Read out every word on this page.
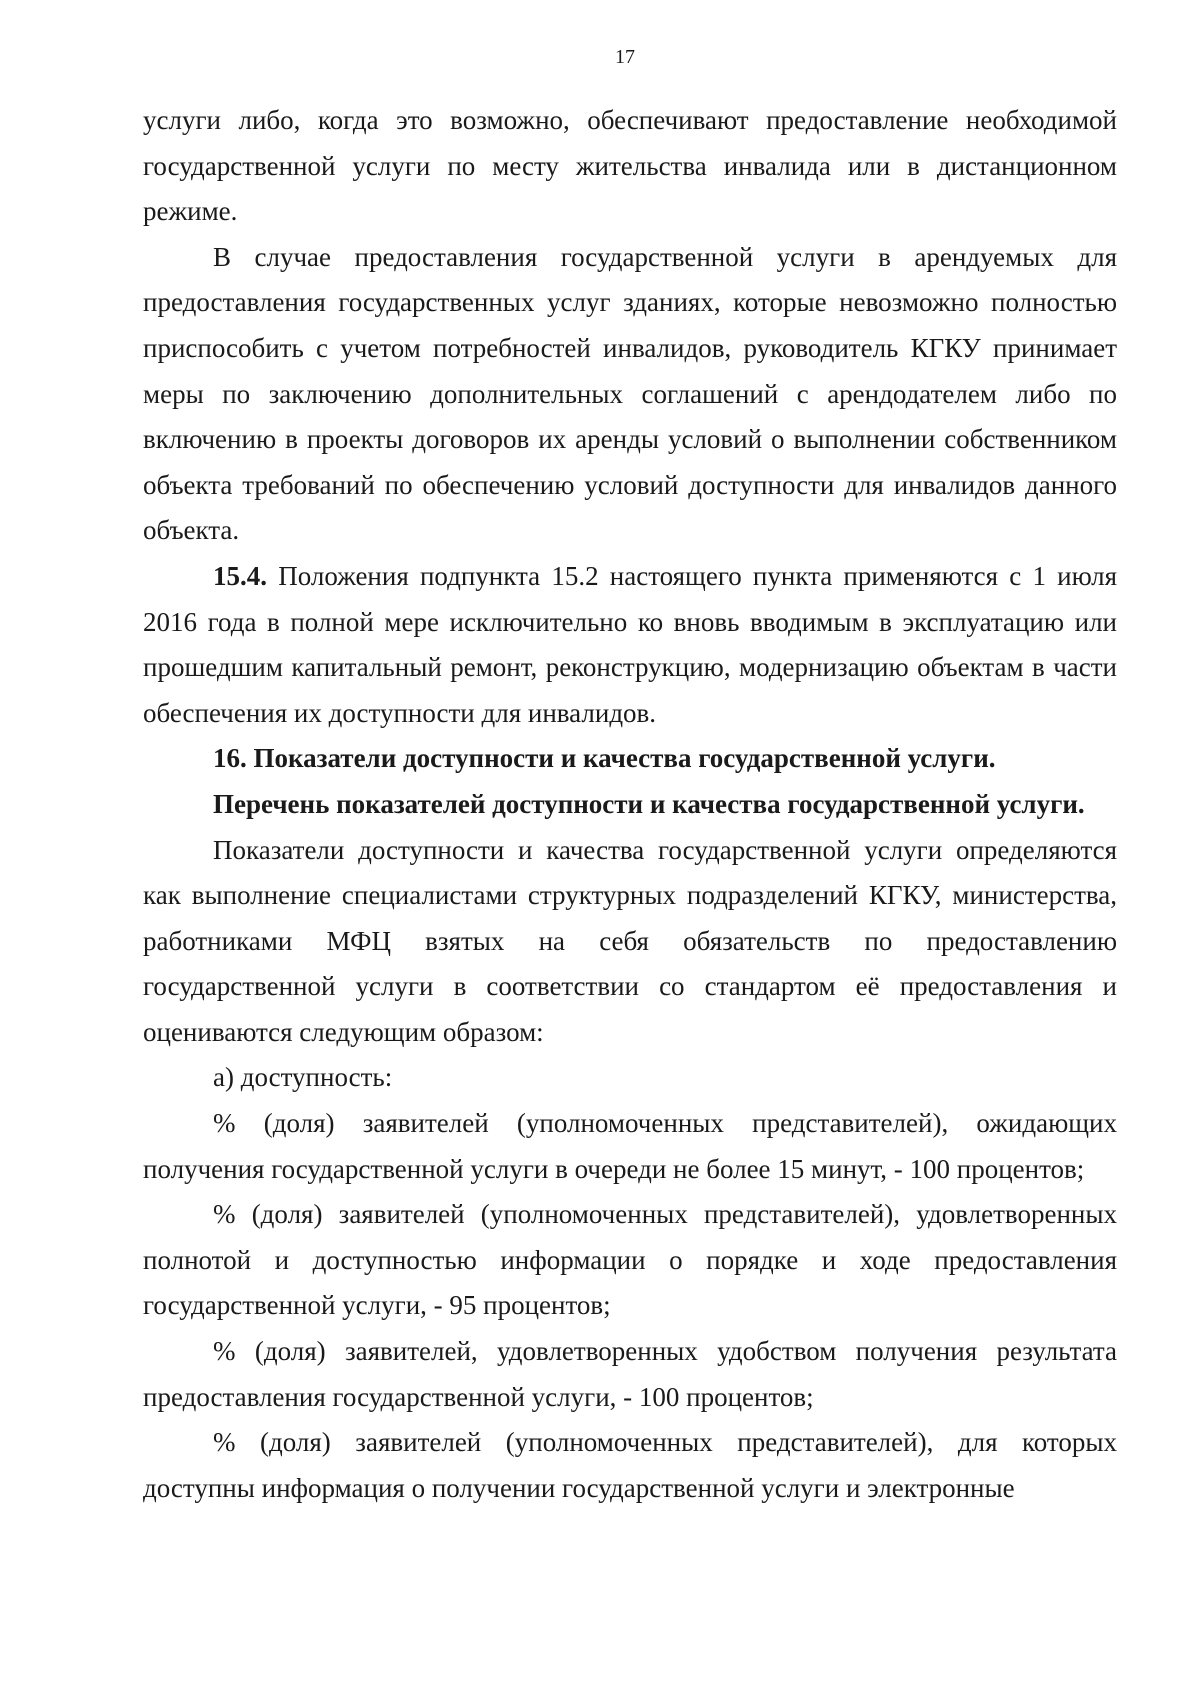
17

услуги либо, когда это возможно, обеспечивают предоставление необходимой государственной услуги по месту жительства инвалида или в дистанционном режиме.

В случае предоставления государственной услуги в арендуемых для предоставления государственных услуг зданиях, которые невозможно полностью приспособить с учетом потребностей инвалидов, руководитель КГКУ принимает меры по заключению дополнительных соглашений с арендодателем либо по включению в проекты договоров их аренды условий о выполнении собственником объекта требований по обеспечению условий доступности для инвалидов данного объекта.

15.4. Положения подпункта 15.2 настоящего пункта применяются с 1 июля 2016 года в полной мере исключительно ко вновь вводимым в эксплуатацию или прошедшим капитальный ремонт, реконструкцию, модернизацию объектам в части обеспечения их доступности для инвалидов.

16. Показатели доступности и качества государственной услуги.

Перечень показателей доступности и качества государственной услуги.

Показатели доступности и качества государственной услуги определяются как выполнение специалистами структурных подразделений КГКУ, министерства, работниками МФЦ взятых на себя обязательств по предоставлению государственной услуги в соответствии со стандартом её предоставления и оцениваются следующим образом:

а) доступность:

% (доля) заявителей (уполномоченных представителей), ожидающих получения государственной услуги в очереди не более 15 минут, - 100 процентов;

% (доля) заявителей (уполномоченных представителей), удовлетворенных полнотой и доступностью информации о порядке и ходе предоставления государственной услуги, - 95 процентов;

% (доля) заявителей, удовлетворенных удобством получения результата предоставления государственной услуги, - 100 процентов;

% (доля) заявителей (уполномоченных представителей), для которых доступны информация о получении государственной услуги и электронные
